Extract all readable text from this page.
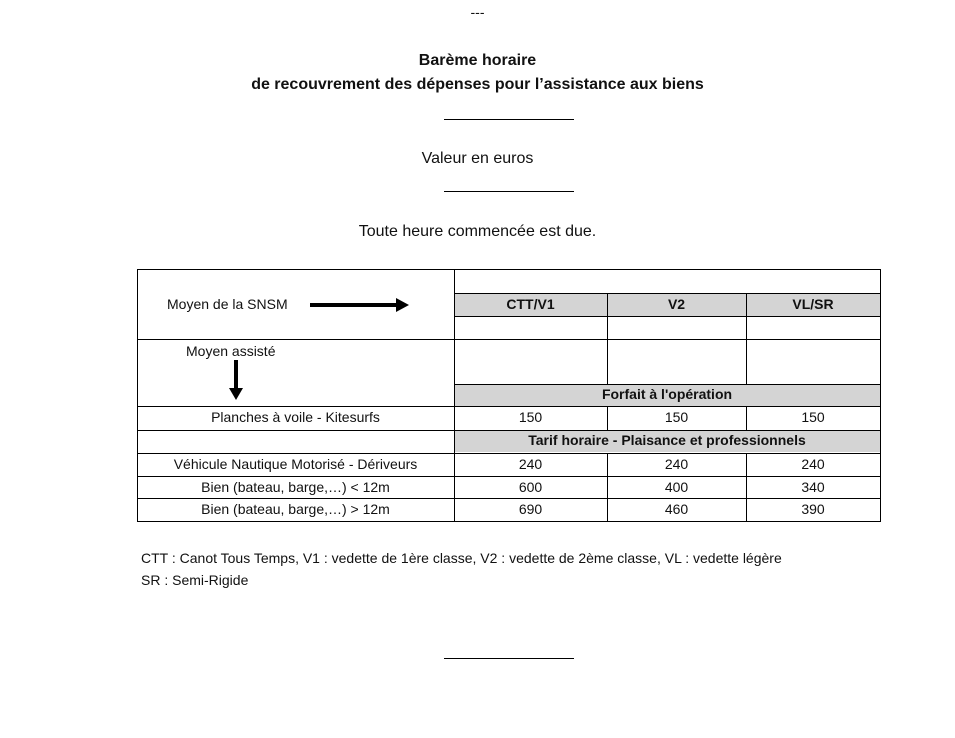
---
Barème horaire
de recouvrement des dépenses pour l’assistance aux biens
Valeur en euros
Toute heure commencée est due.
CTT/V1	V2	VL/SR
Forfait à l'opération
Tarif horaire - Plaisance et professionnels
Moyen de la SNSM
Moyen assisté
Planches à voile - Kitesurfs	150	150	150
Véhicule Nautique Motorisé - Dériveurs	240	240	240
Bien (bateau, barge,…) < 12m	600	400	340
Bien (bateau, barge,…) > 12m	690	460	390
CTT : Canot Tous Temps, V1 : vedette de 1ère classe, V2 : vedette de 2ème classe, VL : vedette légère
SR : Semi-Rigide
